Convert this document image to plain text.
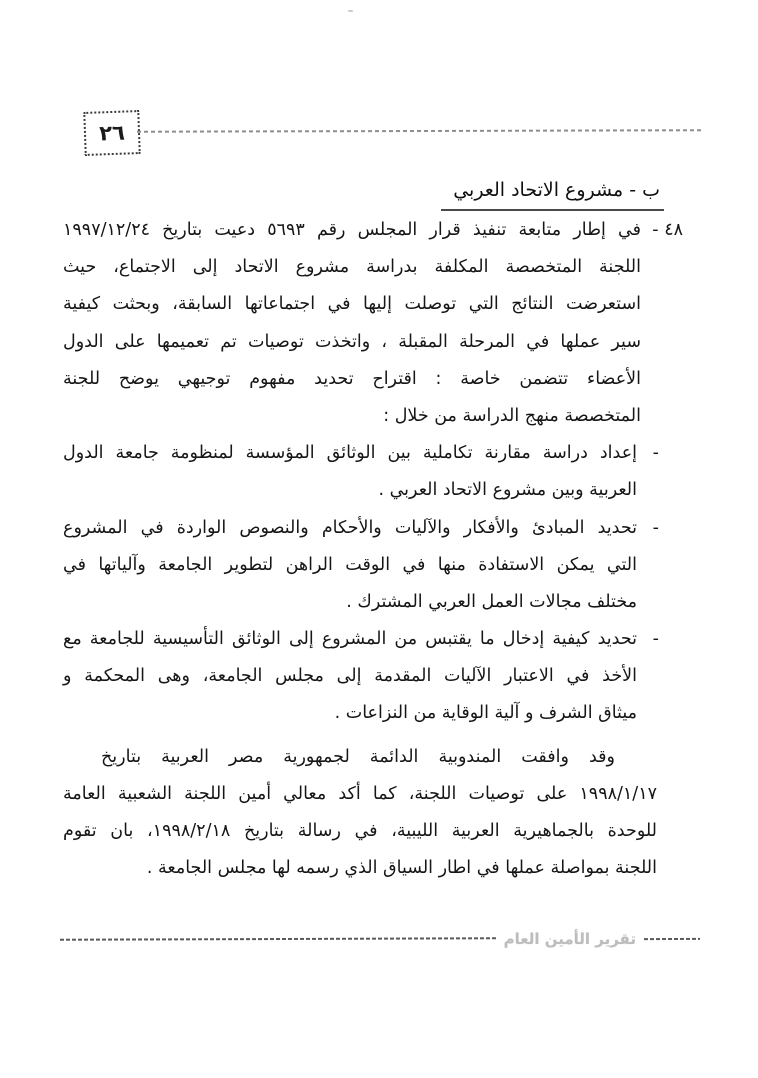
٢٦
ب - مشروع الاتحاد العربي
٤٨ -
في إطار متابعة تنفيذ قرار المجلس رقم ٥٦٩٣ دعيت بتاريخ ١٩٩٧/١٢/٢٤
اللجنة المتخصصة المكلفة بدراسة مشروع الاتحاد إلى الاجتماع، حيث
استعرضت النتائج التي توصلت إليها في اجتماعاتها السابقة، وبحثت كيفية
سير عملها في المرحلة المقبلة ، واتخذت توصيات تم تعميمها على الدول
الأعضاء تتضمن خاصة : اقتراح تحديد مفهوم توجيهي يوضح للجنة
المتخصصة منهج الدراسة من خلال :
-
إعداد دراسة مقارنة تكاملية بين الوثائق المؤسسة لمنظومة جامعة الدول
العربية وبين مشروع الاتحاد العربي .
-
تحديد المبادئ والأفكار والآليات والأحكام والنصوص الواردة في المشروع
التي يمكن الاستفادة منها في الوقت الراهن لتطوير الجامعة وآلياتها في
مختلف مجالات العمل العربي المشترك .
-
تحديد كيفية إدخال ما يقتبس من المشروع إلى الوثائق التأسيسية للجامعة مع
الأخذ في الاعتبار الآليات المقدمة إلى مجلس الجامعة، وهى المحكمة و
ميثاق الشرف و آلية الوقاية من النزاعات .
وقد وافقت المندوبية الدائمة لجمهورية مصر العربية بتاريخ
١٩٩٨/١/١٧ على توصيات اللجنة، كما أكد معالي أمين اللجنة الشعبية العامة
للوحدة بالجماهيرية العربية الليبية، في رسالة بتاريخ ١٩٩٨/٢/١٨، بان تقوم
اللجنة بمواصلة عملها في اطار السياق الذي رسمه لها مجلس الجامعة .
تقرير الأمين العام
